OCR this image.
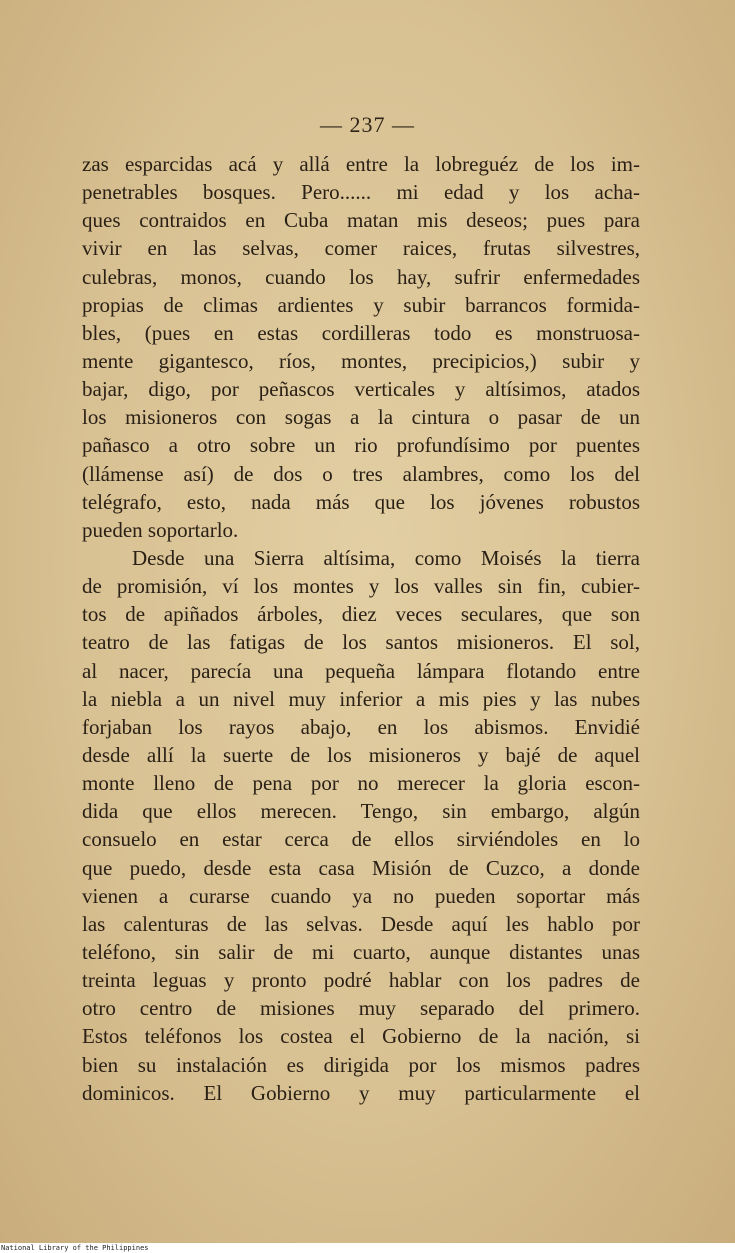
— 237 —
zas esparcidas acá y allá entre la lobreguéz de los im-
penetrables bosques. Pero...... mi edad y los acha-
ques contraidos en Cuba matan mis deseos; pues para
vivir en las selvas, comer raices, frutas silvestres,
culebras, monos, cuando los hay, sufrir enfermedades
propias de climas ardientes y subir barrancos formida-
bles, (pues en estas cordilleras todo es monstruosa-
mente gigantesco, ríos, montes, precipicios,) subir y
bajar, digo, por peñascos verticales y altísimos, atados
los misioneros con sogas a la cintura o pasar de un
pañasco a otro sobre un rio profundísimo por puentes
(llámense así) de dos o tres alambres, como los del
telégrafo, esto, nada más que los jóvenes robustos
pueden soportarlo.
Desde una Sierra altísima, como Moisés la tierra
de promisión, ví los montes y los valles sin fin, cubier-
tos de apiñados árboles, diez veces seculares, que son
teatro de las fatigas de los santos misioneros. El sol,
al nacer, parecía una pequeña lámpara flotando entre
la niebla a un nivel muy inferior a mis pies y las nubes
forjaban los rayos abajo, en los abismos. Envidié
desde allí la suerte de los misioneros y bajé de aquel
monte lleno de pena por no merecer la gloria escon-
dida que ellos merecen. Tengo, sin embargo, algún
consuelo en estar cerca de ellos sirviéndoles en lo
que puedo, desde esta casa Misión de Cuzco, a donde
vienen a curarse cuando ya no pueden soportar más
las calenturas de las selvas. Desde aquí les hablo por
teléfono, sin salir de mi cuarto, aunque distantes unas
treinta leguas y pronto podré hablar con los padres de
otro centro de misiones muy separado del primero.
Estos teléfonos los costea el Gobierno de la nación, si
bien su instalación es dirigida por los mismos padres
dominicos. El Gobierno y muy particularmente el
National Library of the Philippines
